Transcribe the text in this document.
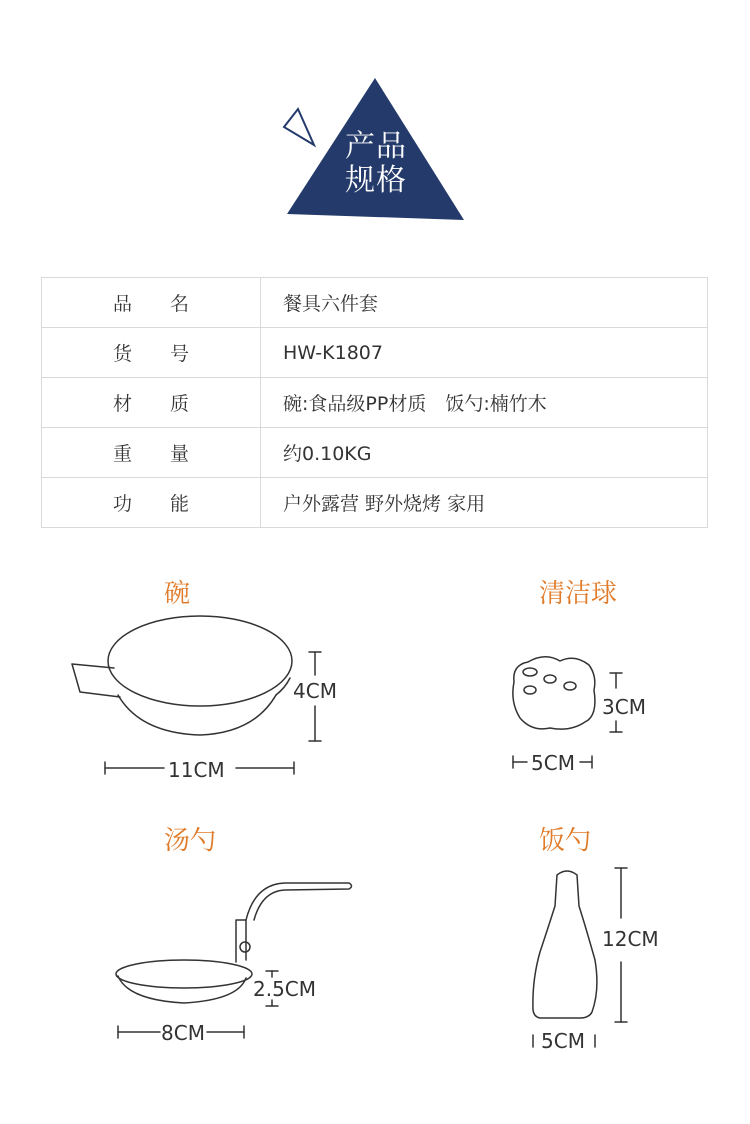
产品
规格
品名	餐具六件套
货号	HW-K1807
材质	碗:食品级PP材质　饭勺:楠竹木
重量	约0.10KG
功能	户外露营 野外烧烤 家用
碗	清洁球
汤勺	饭勺
4CM
11CM
3CM
5CM
2.5CM
8CM
12CM
5CM
